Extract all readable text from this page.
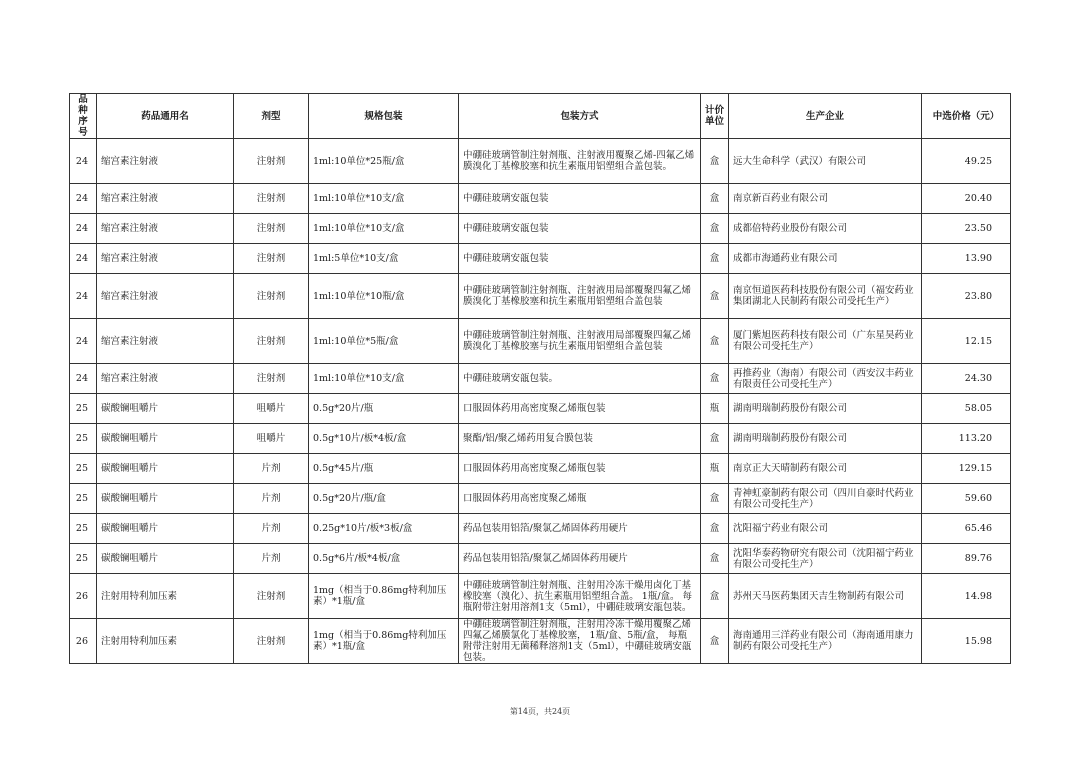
品种序号	药品通用名	剂型	规格包装	包装方式	计价单位	生产企业	中选价格（元）
24	缩宫素注射液	注射剂	1ml:10单位*25瓶/盒	中硼硅玻璃管制注射剂瓶、注射液用覆聚乙烯-四氟乙烯膜溴化丁基橡胶塞和抗生素瓶用铝塑组合盖包装。	盒	远大生命科学（武汉）有限公司	49.25
24	缩宫素注射液	注射剂	1ml:10单位*10支/盒	中硼硅玻璃安瓿包装	盒	南京新百药业有限公司	20.40
24	缩宫素注射液	注射剂	1ml:10单位*10支/盒	中硼硅玻璃安瓿包装	盒	成都倍特药业股份有限公司	23.50
24	缩宫素注射液	注射剂	1ml:5单位*10支/盒	中硼硅玻璃安瓿包装	盒	成都市海通药业有限公司	13.90
24	缩宫素注射液	注射剂	1ml:10单位*10瓶/盒	中硼硅玻璃管制注射剂瓶、注射液用局部覆聚四氟乙烯膜溴化丁基橡胶塞和抗生素瓶用铝塑组合盖包装	盒	南京恒道医药科技股份有限公司（福安药业集团湖北人民制药有限公司受托生产）	23.80
24	缩宫素注射液	注射剂	1ml:10单位*5瓶/盒	中硼硅玻璃管制注射剂瓶、注射液用局部覆聚四氟乙烯膜溴化丁基橡胶塞与抗生素瓶用铝塑组合盖包装	盒	厦门紫旭医药科技有限公司（广东星昊药业有限公司受托生产）	12.15
24	缩宫素注射液	注射剂	1ml:10单位*10支/盒	中硼硅玻璃安瓿包装。	盒	再推药业（海南）有限公司（西安汉丰药业有限责任公司受托生产）	24.30
25	碳酸镧咀嚼片	咀嚼片	0.5g*20片/瓶	口服固体药用高密度聚乙烯瓶包装	瓶	湖南明瑞制药股份有限公司	58.05
25	碳酸镧咀嚼片	咀嚼片	0.5g*10片/板*4板/盒	聚酯/铝/聚乙烯药用复合膜包装	盒	湖南明瑞制药股份有限公司	113.20
25	碳酸镧咀嚼片	片剂	0.5g*45片/瓶	口服固体药用高密度聚乙烯瓶包装	瓶	南京正大天晴制药有限公司	129.15
25	碳酸镧咀嚼片	片剂	0.5g*20片/瓶/盒	口服固体药用高密度聚乙烯瓶	盒	青神虹豪制药有限公司（四川自豪时代药业有限公司受托生产）	59.60
25	碳酸镧咀嚼片	片剂	0.25g*10片/板*3板/盒	药品包装用铝箔/聚氯乙烯固体药用硬片	盒	沈阳福宁药业有限公司	65.46
25	碳酸镧咀嚼片	片剂	0.5g*6片/板*4板/盒	药品包装用铝箔/聚氯乙烯固体药用硬片	盒	沈阳华泰药物研究有限公司（沈阳福宁药业有限公司受托生产）	89.76
26	注射用特利加压素	注射剂	1mg（相当于0.86mg特利加压素）*1瓶/盒	中硼硅玻璃管制注射剂瓶、注射用冷冻干燥用卤化丁基橡胶塞（溴化）、抗生素瓶用铝塑组合盖。 1瓶/盒。 每瓶附带注射用溶剂1支（5ml），中硼硅玻璃安瓿包装。	盒	苏州天马医药集团天吉生物制药有限公司	14.98
26	注射用特利加压素	注射剂	1mg（相当于0.86mg特利加压素）*1瓶/盒	中硼硅玻璃管制注射剂瓶，注射用冷冻干燥用覆聚乙烯四氟乙烯膜氯化丁基橡胶塞， 1瓶/盒、5瓶/盒， 每瓶附带注射用无菌稀释溶剂1支（5ml），中硼硅玻璃安瓿包装。	盒	海南通用三洋药业有限公司（海南通用康力制药有限公司受托生产）	15.98
第14页，共24页
